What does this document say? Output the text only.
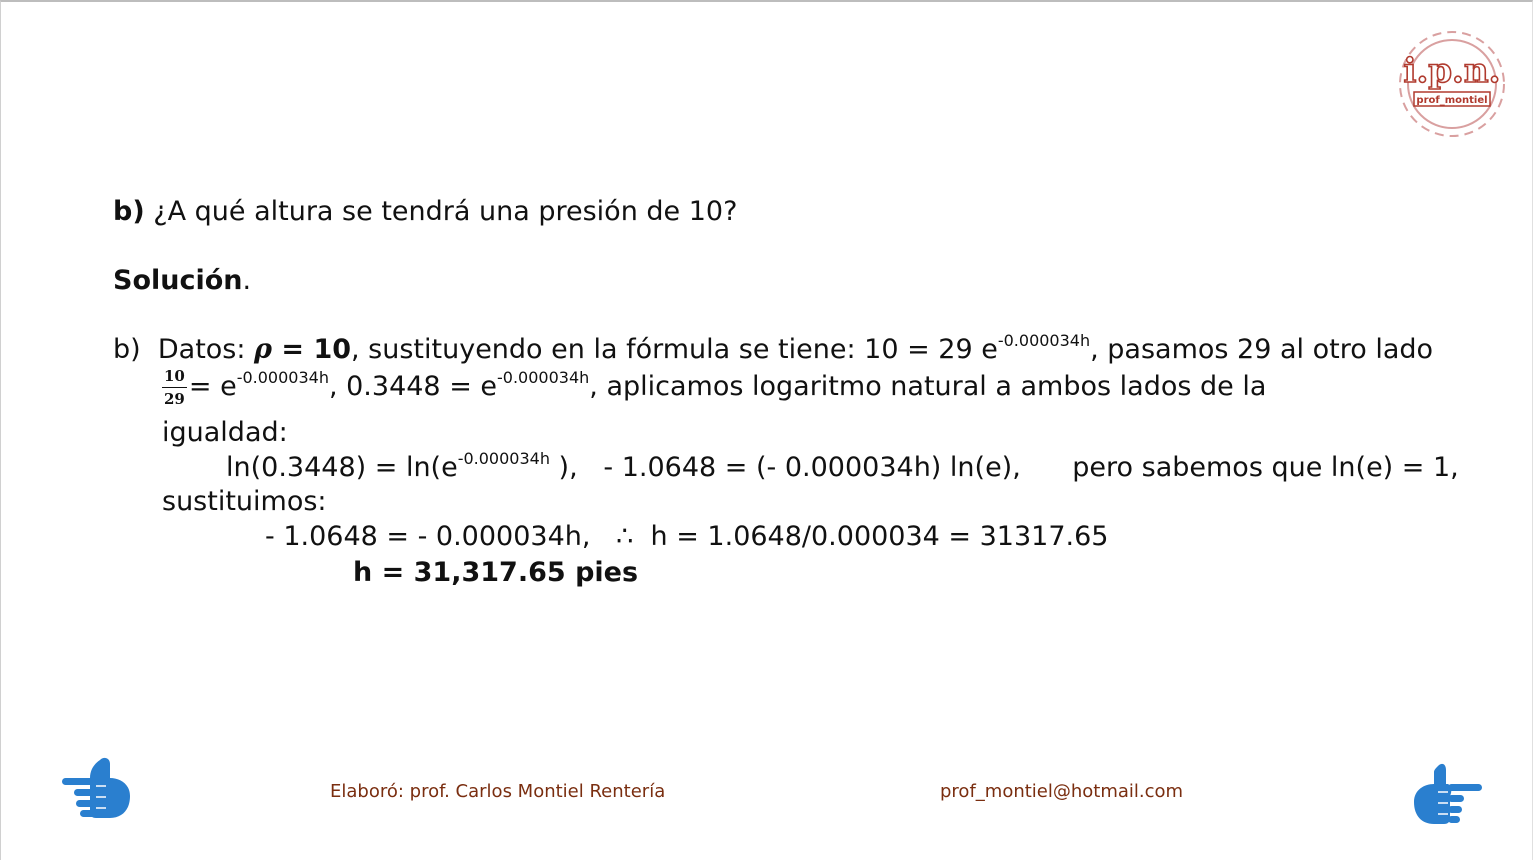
i.p.n.
prof_montiel
b) ¿A qué altura se tendrá una presión de 10?
Solución.
b) Datos: ρ = 10, sustituyendo en la fórmula se tiene: 10 = 29 $e^{-0.000034h}$, pasamos 29 al otro lado
$\frac{10}{29} = e^{-0.000034h}$, $0.3448 = e^{-0.000034h}$, aplicamos logaritmo natural a ambos lados de la
igualdad:
$\ln(0.3448) = \ln(e^{-0.000034h}$ ),   - 1.0648 = (- 0.000034h) ln(e),      pero sabemos que ln(e) = 1,
sustituimos:
- 1.0648 = - 0.000034h,   ∴  h = 1.0648/0.000034 = 31317.65
h = 31,317.65 pies
Elaboró: prof. Carlos Montiel Rentería	prof_montiel@hotmail.com
